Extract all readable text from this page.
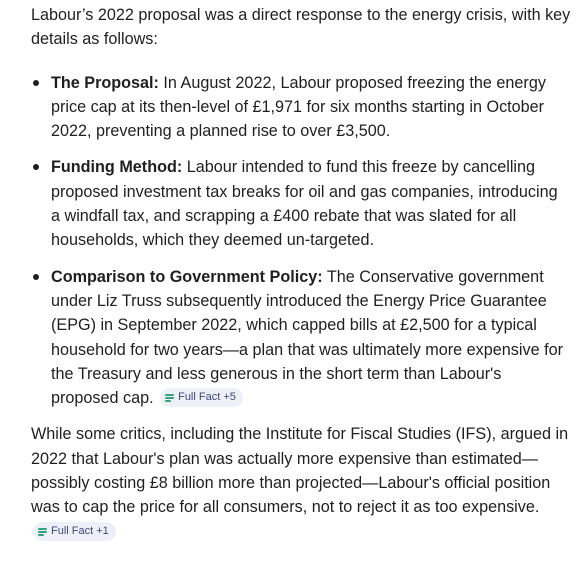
Labour’s 2022 proposal was a direct response to the energy crisis, with key details as follows:

The Proposal: In August 2022, Labour proposed freezing the energy price cap at its then-level of £1,971 for six months starting in October 2022, preventing a planned rise to over £3,500.
Funding Method: Labour intended to fund this freeze by cancelling proposed investment tax breaks for oil and gas companies, introducing a windfall tax, and scrapping a £400 rebate that was slated for all households, which they deemed un-targeted.
Comparison to Government Policy: The Conservative government under Liz Truss subsequently introduced the Energy Price Guarantee (EPG) in September 2022, which capped bills at £2,500 for a typical household for two years—a plan that was ultimately more expensive for the Treasury and less generous in the short term than Labour's proposed cap. Full Fact +5

While some critics, including the Institute for Fiscal Studies (IFS), argued in 2022 that Labour's plan was actually more expensive than estimated—possibly costing £8 billion more than projected—Labour's official position was to cap the price for all consumers, not to reject it as too expensive.
Full Fact +1
